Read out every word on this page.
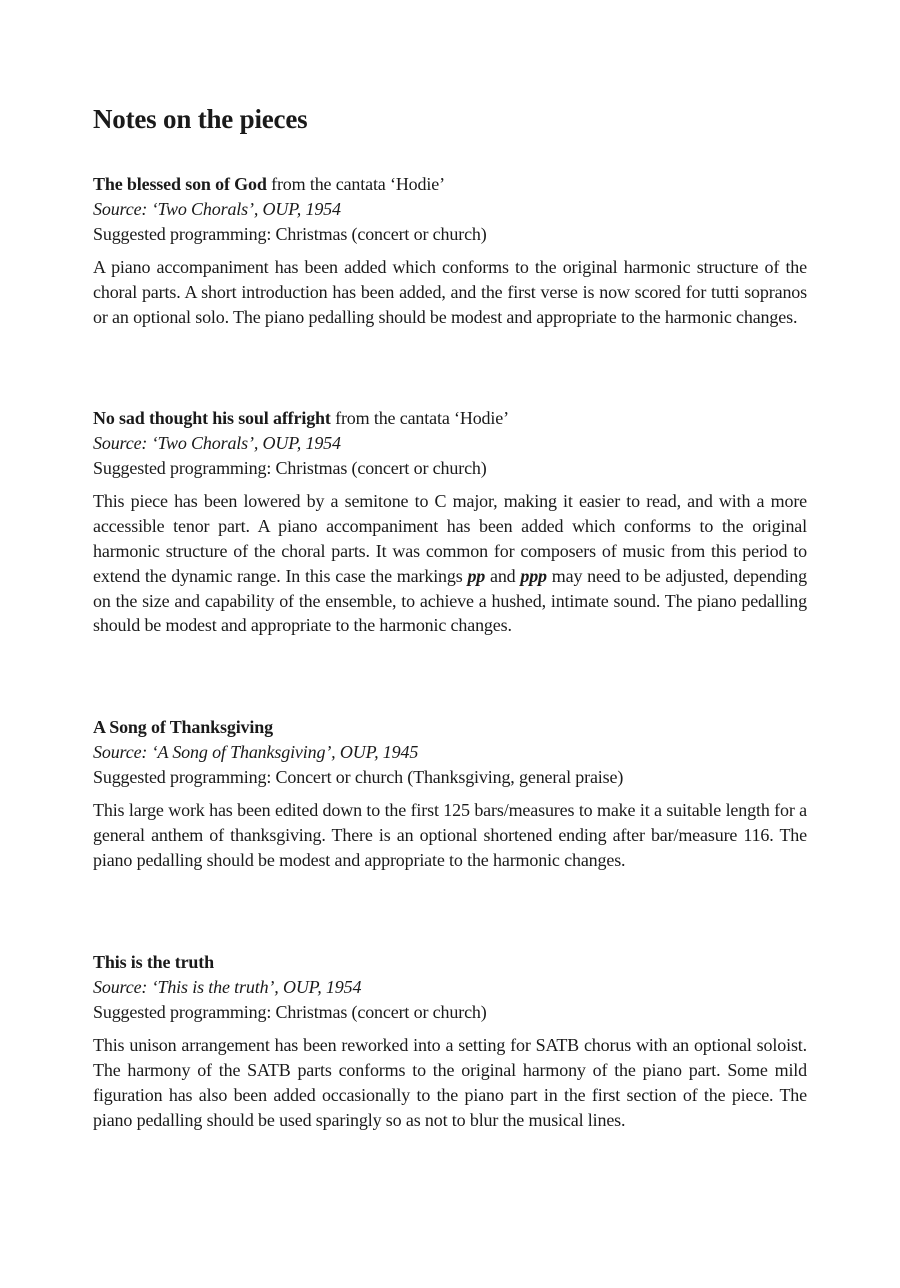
Notes on the pieces

The blessed son of God from the cantata ‘Hodie’

Source: ‘Two Chorals’, OUP, 1954

Suggested programming: Christmas (concert or church)

A piano accompaniment has been added which conforms to the original harmonic structure of the choral parts. A short introduction has been added, and the first verse is now scored for tutti sopranos or an optional solo. The piano pedalling should be modest and appropriate to the harmonic changes.

No sad thought his soul affright from the cantata ‘Hodie’

Source: ‘Two Chorals’, OUP, 1954

Suggested programming: Christmas (concert or church)

This piece has been lowered by a semitone to C major, making it easier to read, and with a more accessible tenor part. A piano accompaniment has been added which conforms to the original harmonic structure of the choral parts. It was common for composers of music from this period to extend the dynamic range. In this case the markings pp and ppp may need to be adjusted, depending on the size and capability of the ensemble, to achieve a hushed, intimate sound. The piano pedalling should be modest and appropriate to the harmonic changes.

A Song of Thanksgiving

Source: ‘A Song of Thanksgiving’, OUP, 1945

Suggested programming: Concert or church (Thanksgiving, general praise)

This large work has been edited down to the first 125 bars/measures to make it a suitable length for a general anthem of thanksgiving. There is an optional shortened ending after bar/measure 116. The piano pedalling should be modest and appropriate to the harmonic changes.

This is the truth

Source: ‘This is the truth’, OUP, 1954

Suggested programming: Christmas (concert or church)

This unison arrangement has been reworked into a setting for SATB chorus with an optional soloist. The harmony of the SATB parts conforms to the original harmony of the piano part. Some mild figuration has also been added occasionally to the piano part in the first section of the piece. The piano pedalling should be used sparingly so as not to blur the musical lines.
